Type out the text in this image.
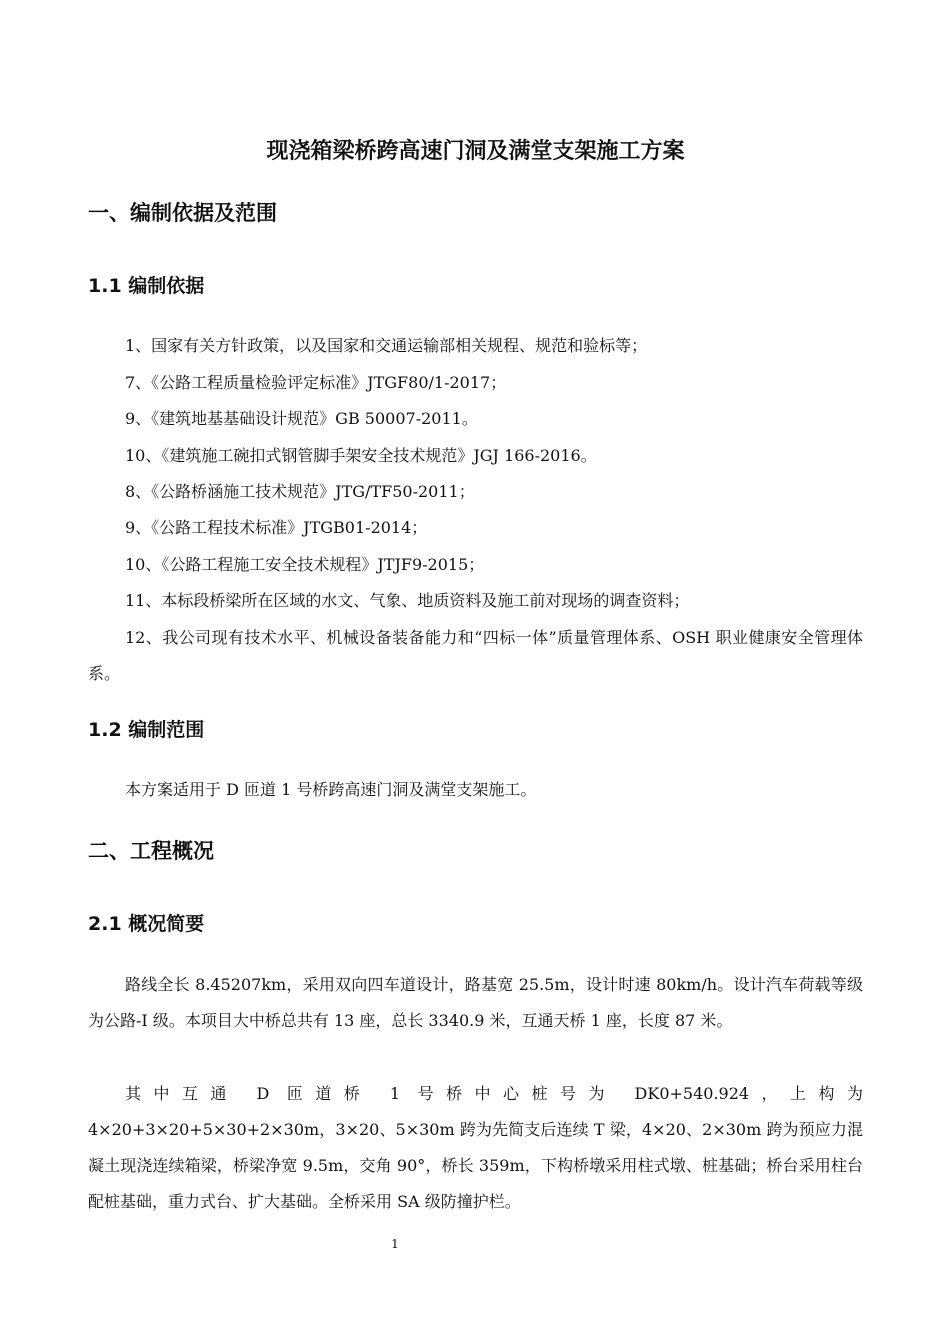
现浇箱梁桥跨高速门洞及满堂支架施工方案
一、编制依据及范围
1.1 编制依据

1、国家有关方针政策，以及国家和交通运输部相关规程、规范和验标等；

7、《公路工程质量检验评定标准》JTGF80/1-2017；

9、《建筑地基基础设计规范》GB 50007-2011。

10、《建筑施工碗扣式钢管脚手架安全技术规范》JGJ 166-2016。

8、《公路桥涵施工技术规范》JTG/TF50-2011；

9、《公路工程技术标准》JTGB01-2014；

10、《公路工程施工安全技术规程》JTJF9-2015；

11、本标段桥梁所在区域的水文、气象、地质资料及施工前对现场的调查资料；

12、我公司现有技术水平、机械设备装备能力和“四标一体”质量管理体系、OSH 职业健康安全管理体系。

1.2 编制范围

本方案适用于 D 匝道 1 号桥跨高速门洞及满堂支架施工。

二、工程概况
2.1 概况简要

路线全长 8.45207km，采用双向四车道设计，路基宽 25.5m，设计时速 80km/h。设计汽车荷载等级为公路-I 级。本项目大中桥总共有 13 座，总长 3340.9 米，互通天桥 1 座，长度 87 米。

其中互通 D 匝道桥 1 号桥中心桩号为 DK0+540.924，上构为

4×20+3×20+5×30+2×30m，3×20、5×30m 跨为先简支后连续 T 梁，4×20、2×30m 跨为预应力混凝土现浇连续箱梁，桥梁净宽 9.5m，交角 90°，桥长 359m，下构桥墩采用柱式墩、桩基础；桥台采用柱台配桩基础，重力式台、扩大基础。全桥采用 SA 级防撞护栏。

1
